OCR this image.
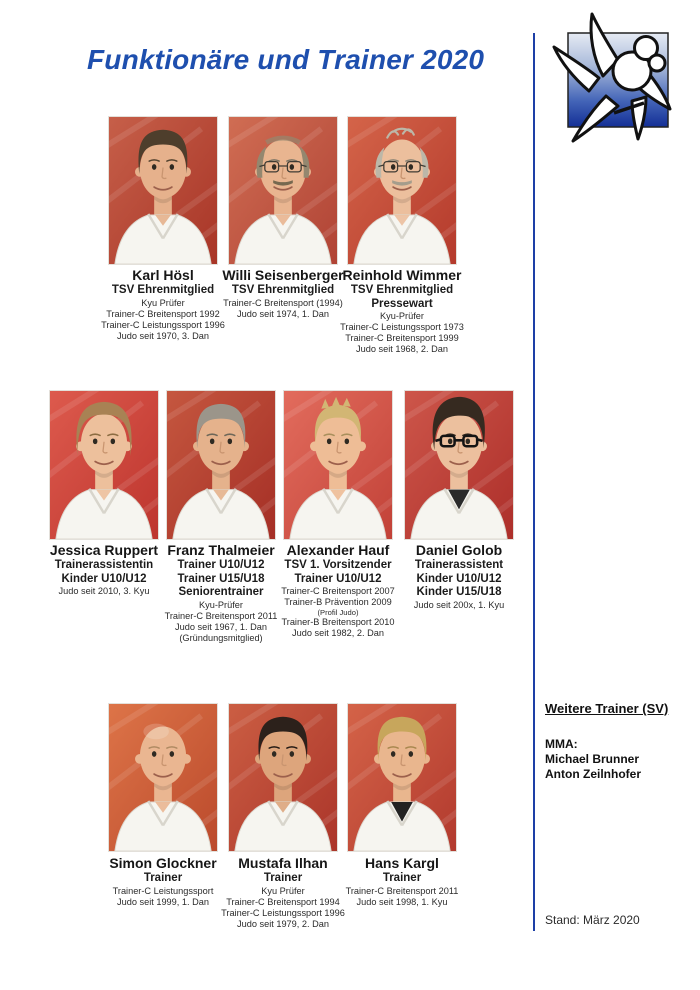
Funktionäre und Trainer 2020
Karl Hösl
TSV Ehrenmitglied
Kyu Prüfer
Trainer-C Breitensport 1992
Trainer-C Leistungssport 1996
Judo seit 1970, 3. Dan
Willi Seisenberger
TSV Ehrenmitglied
Trainer-C Breitensport (1994)
Judo seit 1974, 1. Dan
Reinhold Wimmer
TSV Ehrenmitglied
Pressewart
Kyu-Prüfer
Trainer-C Leistungssport 1973
Trainer-C Breitensport 1999
Judo seit 1968, 2. Dan
Jessica Ruppert
Trainerassistentin
Kinder U10/U12
Judo seit 2010, 3. Kyu
Franz Thalmeier
Trainer U10/U12
Trainer U15/U18
Seniorentrainer
Kyu-Prüfer
Trainer-C Breitensport 2011
Judo seit 1967, 1. Dan
(Gründungsmitglied)
Alexander Hauf
TSV 1. Vorsitzender
Trainer U10/U12
Trainer-C Breitensport 2007
Trainer-B Prävention 2009
(Profil Judo)
Trainer-B Breitensport 2010
Judo seit 1982, 2. Dan
Daniel Golob
Trainerassistent
Kinder U10/U12
Kinder U15/U18
Judo seit 200x, 1. Kyu
Simon Glockner
Trainer
Trainer-C Leistungssport
Judo seit 1999, 1. Dan
Mustafa Ilhan
Trainer
Kyu Prüfer
Trainer-C Breitensport 1994
Trainer-C Leistungssport 1996
Judo seit 1979, 2. Dan
Hans Kargl
Trainer
Trainer-C Breitensport 2011
Judo seit 1998, 1. Kyu
Weitere Trainer (SV)
MMA:
Michael Brunner
Anton Zeilnhofer
Stand: März 2020
